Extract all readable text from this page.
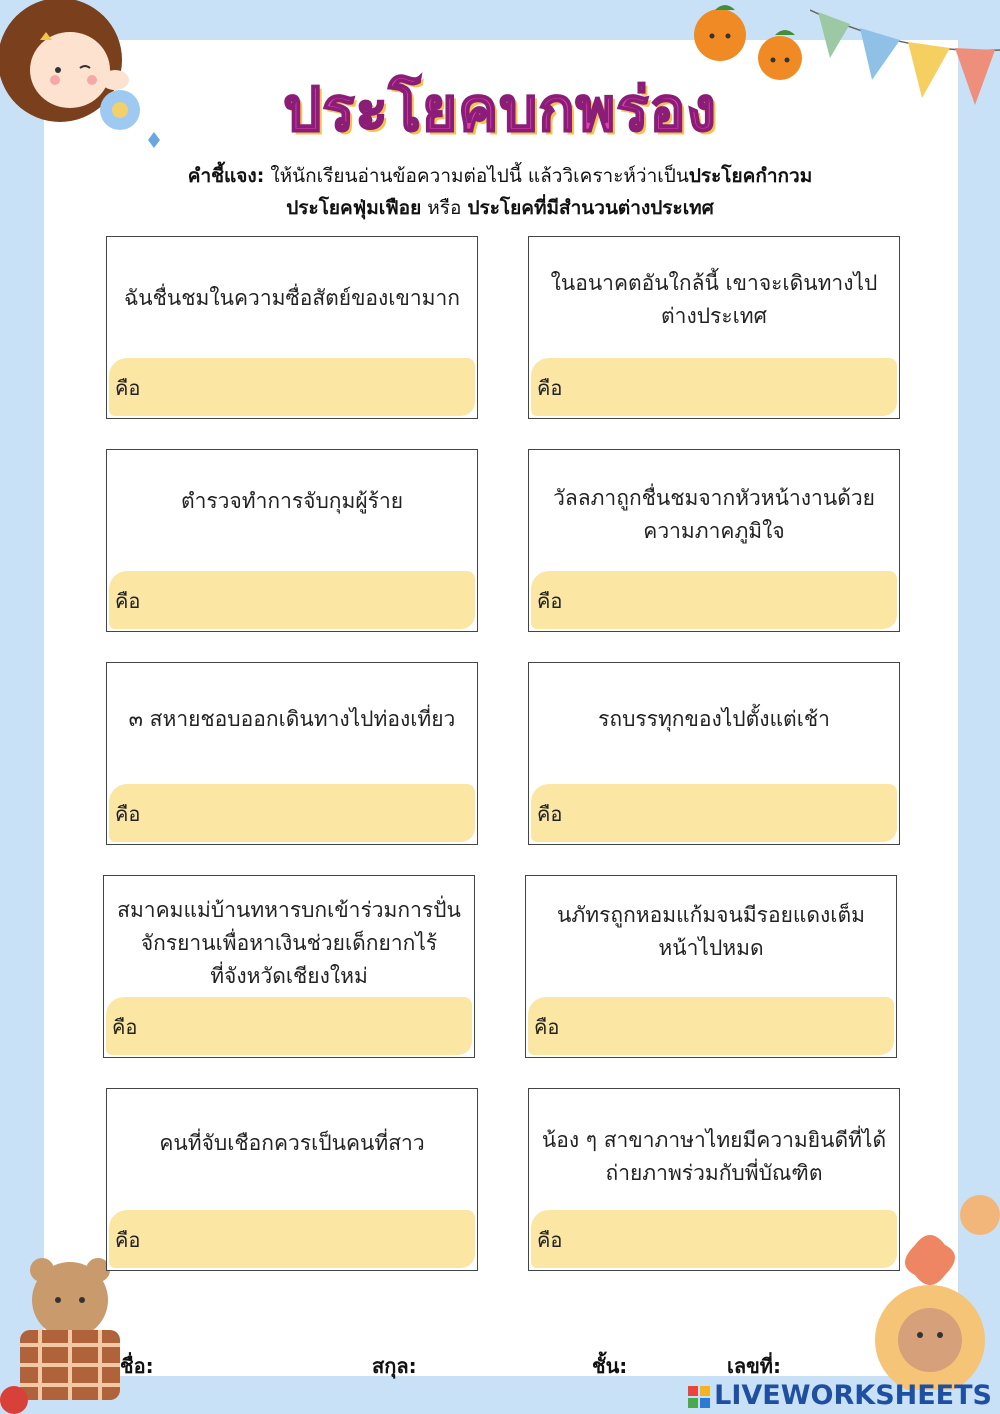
ประโยคบกพร่อง
คำชี้แจง: ให้นักเรียนอ่านข้อความต่อไปนี้ แล้ววิเคราะห์ว่าเป็นประโยคกำกวม
ประโยคฟุ่มเฟือย หรือ ประโยคที่มีสำนวนต่างประเทศ
ฉันชื่นชมในความซื่อสัตย์ของเขามาก
คือ
ในอนาคตอันใกล้นี้ เขาจะเดินทางไป
ต่างประเทศ
คือ
ตำรวจทำการจับกุมผู้ร้าย
คือ
วัลลภาถูกชื่นชมจากหัวหน้างานด้วย
ความภาคภูมิใจ
คือ
๓ สหายชอบออกเดินทางไปท่องเที่ยว
คือ
รถบรรทุกของไปตั้งแต่เช้า
คือ
สมาคมแม่บ้านทหารบกเข้าร่วมการปั่น
จักรยานเพื่อหาเงินช่วยเด็กยากไร้
ที่จังหวัดเชียงใหม่
คือ
นภัทรถูกหอมแก้มจนมีรอยแดงเต็ม
หน้าไปหมด
คือ
คนที่จับเชือกควรเป็นคนที่สาว
คือ
น้อง ๆ สาขาภาษาไทยมีความยินดีที่ได้
ถ่ายภาพร่วมกับพี่บัณฑิต
คือ
ชื่อ:	สกุล:	ชั้น:	เลขที่:
LIVEWORKSHEETS
